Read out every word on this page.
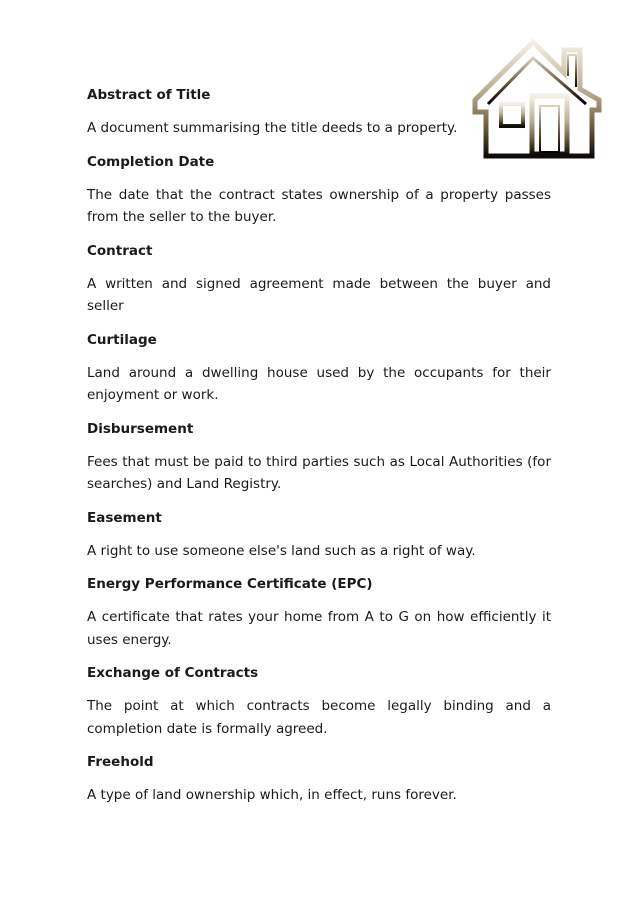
Abstract of Title

A document summarising the title deeds to a property.

Completion Date

The date that the contract states ownership of a property passes from the seller to the buyer.

Contract

A written and signed agreement made between the buyer and seller

Curtilage

Land around a dwelling house used by the occupants for their enjoyment or work.

Disbursement

Fees that must be paid to third parties such as Local Authorities (for searches) and Land Registry.

Easement

A right to use someone else's land such as a right of way.

Energy Performance Certificate (EPC)

A certificate that rates your home from A to G on how efficiently it uses energy.

Exchange of Contracts

The point at which contracts become legally binding and a completion date is formally agreed.

Freehold

A type of land ownership which, in effect, runs forever.
